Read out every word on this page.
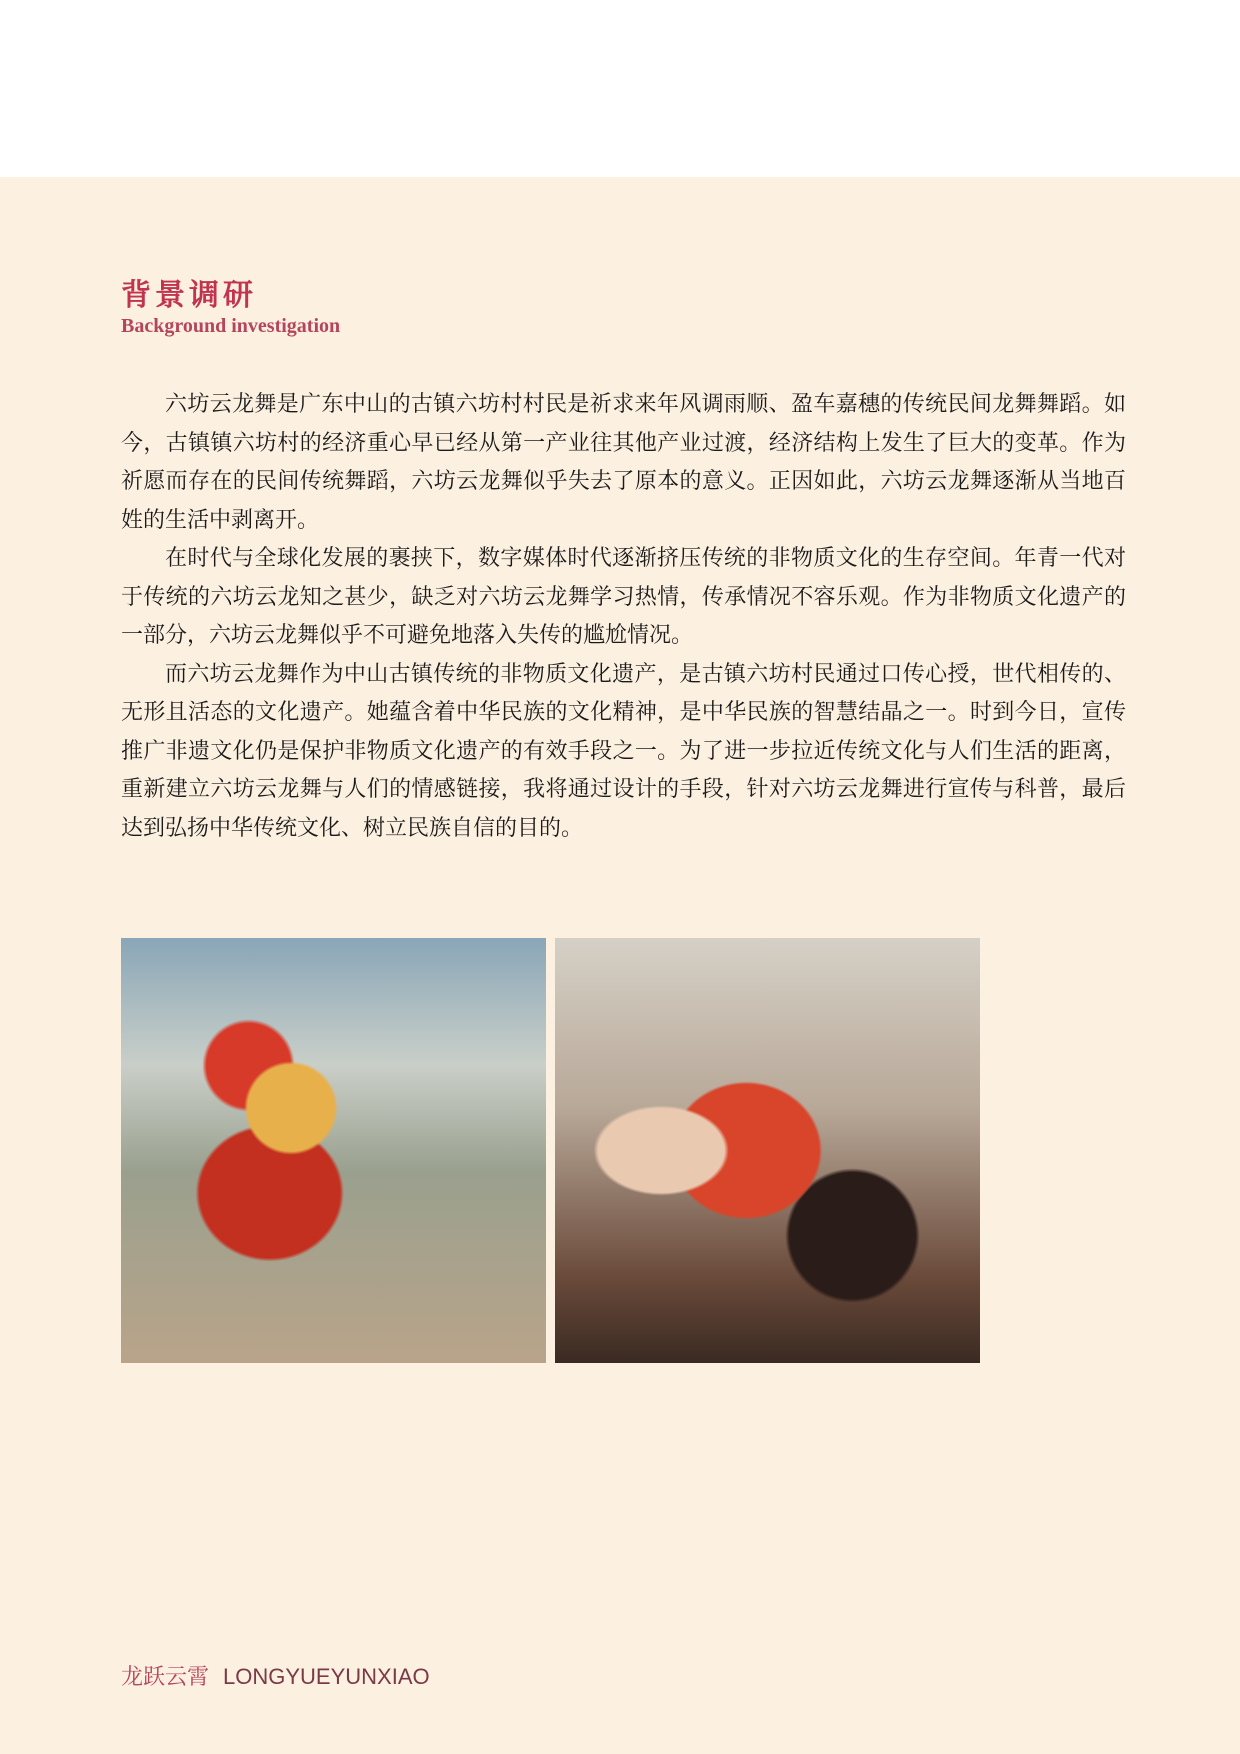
背景调研
Background investigation

六坊云龙舞是广东中山的古镇六坊村村民是祈求来年风调雨顺、盈车嘉穗的传统民间龙舞舞蹈。如今，古镇镇六坊村的经济重心早已经从第一产业往其他产业过渡，经济结构上发生了巨大的变革。作为祈愿而存在的民间传统舞蹈，六坊云龙舞似乎失去了原本的意义。正因如此，六坊云龙舞逐渐从当地百姓的生活中剥离开。

在时代与全球化发展的裹挟下，数字媒体时代逐渐挤压传统的非物质文化的生存空间。年青一代对于传统的六坊云龙知之甚少，缺乏对六坊云龙舞学习热情，传承情况不容乐观。作为非物质文化遗产的一部分，六坊云龙舞似乎不可避免地落入失传的尴尬情况。

而六坊云龙舞作为中山古镇传统的非物质文化遗产，是古镇六坊村民通过口传心授，世代相传的、无形且活态的文化遗产。她蕴含着中华民族的文化精神，是中华民族的智慧结晶之一。时到今日，宣传推广非遗文化仍是保护非物质文化遗产的有效手段之一。为了进一步拉近传统文化与人们生活的距离，重新建立六坊云龙舞与人们的情感链接，我将通过设计的手段，针对六坊云龙舞进行宣传与科普，最后达到弘扬中华传统文化、树立民族自信的目的。

龙跃云霄 LONGYUEYUNXIAO
